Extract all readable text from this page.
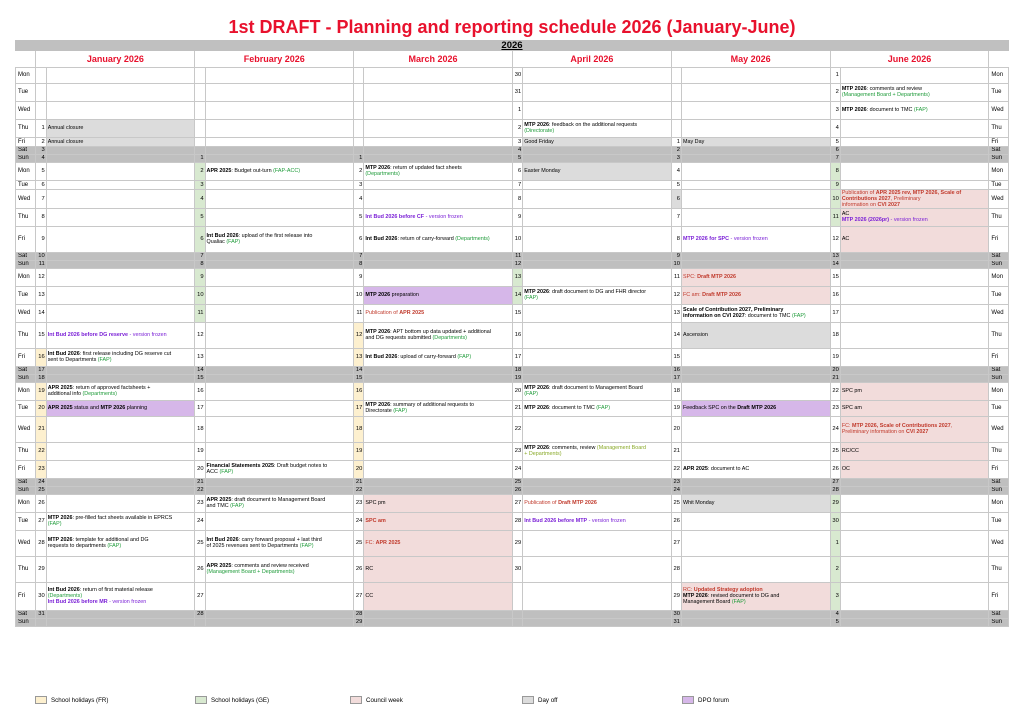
1st DRAFT - Planning and reporting schedule 2026 (January-June)
2026
	January 2026		February 2026		March 2026		April 2026		May 2026		June 2026		
Mon							30				1		Mon
Tue							31				2	MTP 2026: comments and review
(Management Board + Departments)	Tue
Wed							1				3	MTP 2026: document to TMC (FAP)	Wed
Thu	1	Annual closure					2	MTP 2026: feedback on the additional requests
(Directorate)			4		Thu
Fri	2	Annual closure					3	Good Friday	1	May Day	5		Fri
Sat	3						4		2		6		Sat
Sun	4		1		1		5		3		7		Sun
Mon	5		2	APR 2025: Budget out-turn (FAP-ACC)	2	MTP 2026: return of updated fact sheets
(Departments)	6	Easter Monday	4		8		Mon
Tue	6		3		3		7		5		9		Tue
Wed	7		4		4		8		6		10	Publication of APR 2025 rev, MTP 2026, Scale of Contributions 2027, Preliminary
information on CVI 2027	Wed
Thu	8		5		5	Int Bud 2026 before CF - version frozen	9		7		11	AC
MTP 2026 (2026pr) - version frozen	Thu
Fri	9		6	Int Bud 2026: upload of the first release into
Qualiac (FAP)	6	Int Bud 2026: return of carry-forward (Departments)	10		8	MTP 2026 for SPC - version frozen	12	AC	Fri
Sat	10		7		7		11		9		13		Sat
Sun	11		8		8		12		10		14		Sun
Mon	12		9		9		13		11	SPC: Draft MTP 2026	15		Mon
Tue	13		10		10	MTP 2026 preparation	14	MTP 2026: draft document to DG and FHR director
(FAP)	12	FC am: Draft MTP 2026	16		Tue
Wed	14		11		11	Publication of APR 2025	15		13	Scale of Contribution 2027, Preliminary
information on CVI 2027: document to TMC (FAP)	17		Wed
Thu	15	Int Bud 2026 before DG reserve - version frozen	12		12	MTP 2026: APT bottom up data updated + additional
and DG requests submitted (Departments)	16		14	Ascension	18		Thu
Fri	16	Int Bud 2026: first release including DG reserve cut
sent to Departments (FAP)	13		13	Int Bud 2026: upload of carry-forward (FAP)	17		15		19		Fri
Sat	17		14		14		18		16		20		Sat
Sun	18		15		15		19		17		21		Sun
Mon	19	APR 2025: return of approved factsheets +
additional info (Departments)	16		16		20	MTP 2026: draft document to Management Board
(FAP)	18		22	SPC pm	Mon
Tue	20	APR 2025 status and MTP 2026 planning	17		17	MTP 2026: summary of additional requests to
Directorate (FAP)	21	MTP 2026: document to TMC (FAP)	19	Feedback SPC on the Draft MTP 2026	23	SPC am	Tue
Wed	21		18		18		22		20		24	FC: MTP 2026, Scale of Contributions 2027,
Preliminary information on CVI 2027	Wed
Thu	22		19		19		23	MTP 2026: comments, review (Management Board
+ Departments)	21		25	RC/CC	Thu
Fri	23		20	Financial Statements 2025: Draft budget notes to
ACC (FAP)	20		24		22	APR 2025: document to AC	26	OC	Fri
Sat	24		21		21		25		23		27		Sat
Sun	25		22		22		26		24		28		Sun
Mon	26		23	APR 2025: draft document to Management Board
and TMC (FAP)	23	SPC pm	27	Publication of Draft MTP 2026	25	Whit Monday	29		Mon
Tue	27	MTP 2026: pre-filled fact sheets available in EPRCS
(FAP)	24		24	SPC am	28	Int Bud 2026 before MTP - version frozen	26		30		Tue
Wed	28	MTP 2026: template for additional and DG
requests to departments (FAP)	25	Int Bud 2026: carry forward proposal + last third
of 2025 revenues sent to Departments (FAP)	25	FC: APR 2025	29		27		1		Wed
Thu	29		26	APR 2025: comments and review received
(Management Board + Departments)	26	RC	30		28		2		Thu
Fri	30	Int Bud 2026: return of first material release
(Departments)
Int Bud 2026 before MR - version frozen	27		27	CC			29	RC: Updated Strategy adoption
MTP 2026: revised document to DG and
Management Board (FAP)	3		Fri
Sat	31		28		28				30		4		Sat
Sun					29				31		5		Sun
School holidays (FR)	School holidays (GE)	Council week	Day off	DPO forum
